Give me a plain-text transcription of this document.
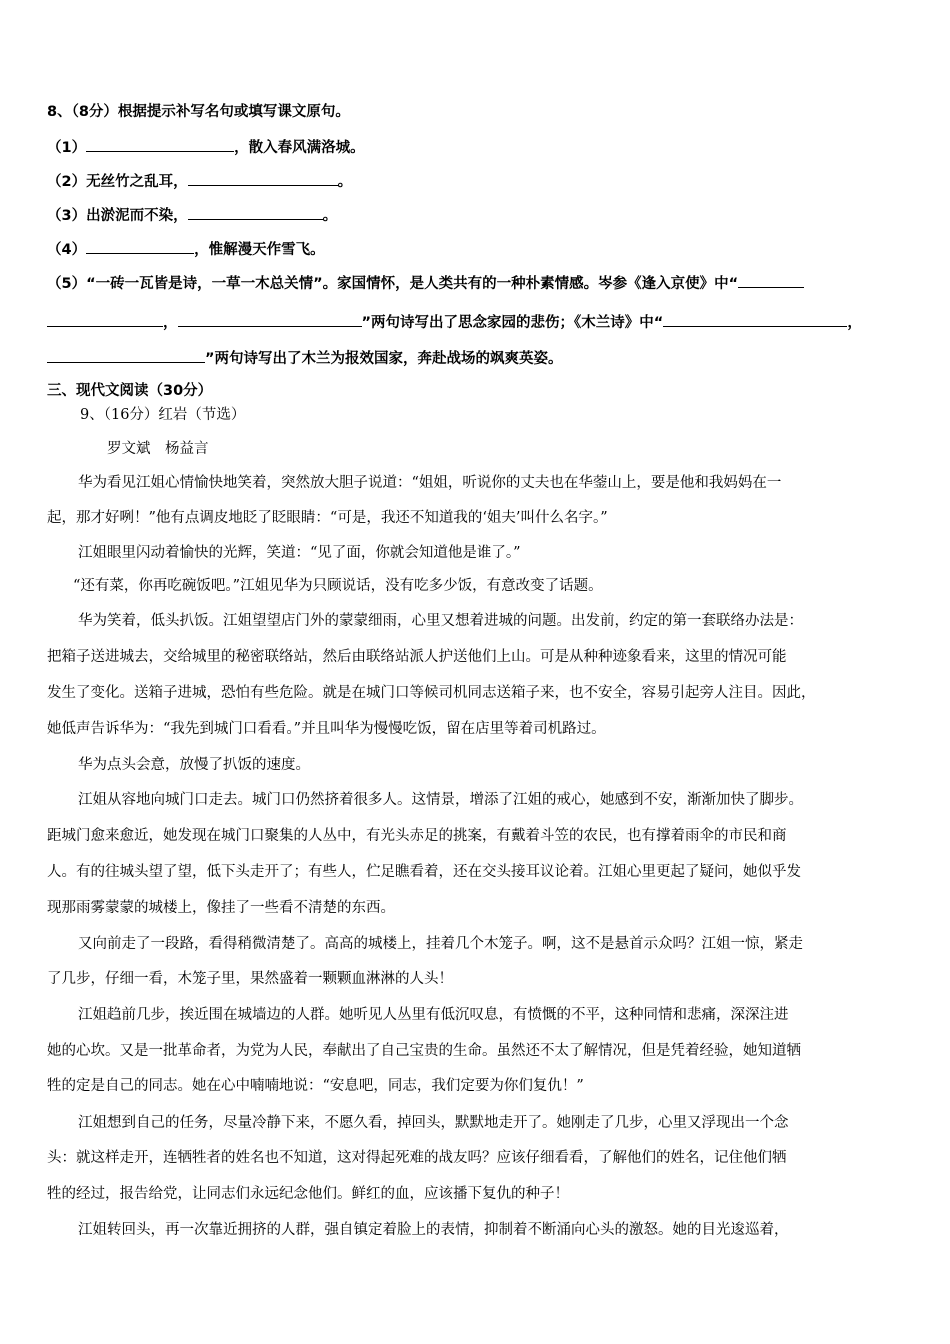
8、（8分）根据提示补写名句或填写课文原句。
（1）	，散入春风满洛城。
（2）无丝竹之乱耳，	。
（3）出淤泥而不染，	。
（4）	，惟解漫天作雪飞。
（5）“一砖一瓦皆是诗，一草一木总关情”。家国情怀，是人类共有的一种朴素情感。岑参《逢入京使》中“
，	”两句诗写出了思念家园的悲伤；《木兰诗》中“	，
”两句诗写出了木兰为报效国家，奔赴战场的飒爽英姿。
三、现代文阅读（30分）
9、（16分）红岩（节选）
罗文斌　杨益言
华为看见江姐心情愉快地笑着，突然放大胆子说道：“姐姐，听说你的丈夫也在华蓥山上，要是他和我妈妈在一
起，那才好咧！”他有点调皮地眨了眨眼睛：“可是，我还不知道我的‘姐夫’叫什么名字。”
江姐眼里闪动着愉快的光辉，笑道：“见了面，你就会知道他是谁了。”
“还有菜，你再吃碗饭吧。”江姐见华为只顾说话，没有吃多少饭，有意改变了话题。
华为笑着，低头扒饭。江姐望望店门外的蒙蒙细雨，心里又想着进城的问题。出发前，约定的第一套联络办法是：
把箱子送进城去，交给城里的秘密联络站，然后由联络站派人护送他们上山。可是从种种迹象看来，这里的情况可能
发生了变化。送箱子进城，恐怕有些危险。就是在城门口等候司机同志送箱子来，也不安全，容易引起旁人注目。因此，
她低声告诉华为：“我先到城门口看看。”并且叫华为慢慢吃饭，留在店里等着司机路过。
华为点头会意，放慢了扒饭的速度。
江姐从容地向城门口走去。城门口仍然挤着很多人。这情景，增添了江姐的戒心，她感到不安，渐渐加快了脚步。
距城门愈来愈近，她发现在城门口聚集的人丛中，有光头赤足的挑案，有戴着斗笠的农民，也有撑着雨伞的市民和商
人。有的往城头望了望，低下头走开了；有些人，伫足瞧看着，还在交头接耳议论着。江姐心里更起了疑问，她似乎发
现那雨雾蒙蒙的城楼上，像挂了一些看不清楚的东西。
又向前走了一段路，看得稍微清楚了。高高的城楼上，挂着几个木笼子。啊，这不是悬首示众吗？江姐一惊，紧走
了几步，仔细一看，木笼子里，果然盛着一颗颗血淋淋的人头！
江姐趋前几步，挨近围在城墙边的人群。她听见人丛里有低沉叹息，有愤慨的不平，这种同情和悲痛，深深注进
她的心坎。又是一批革命者，为党为人民，奉献出了自己宝贵的生命。虽然还不太了解情况，但是凭着经验，她知道牺
牲的定是自己的同志。她在心中喃喃地说：“安息吧，同志，我们定要为你们复仇！”
江姐想到自己的任务，尽量冷静下来，不愿久看，掉回头，默默地走开了。她刚走了几步，心里又浮现出一个念
头：就这样走开，连牺牲者的姓名也不知道，这对得起死难的战友吗？应该仔细看看，了解他们的姓名，记住他们牺
牲的经过，报告给党，让同志们永远纪念他们。鲜红的血，应该播下复仇的种子！
江姐转回头，再一次靠近拥挤的人群，强自镇定着脸上的表情，抑制着不断涌向心头的激怒。她的目光逡巡着，
